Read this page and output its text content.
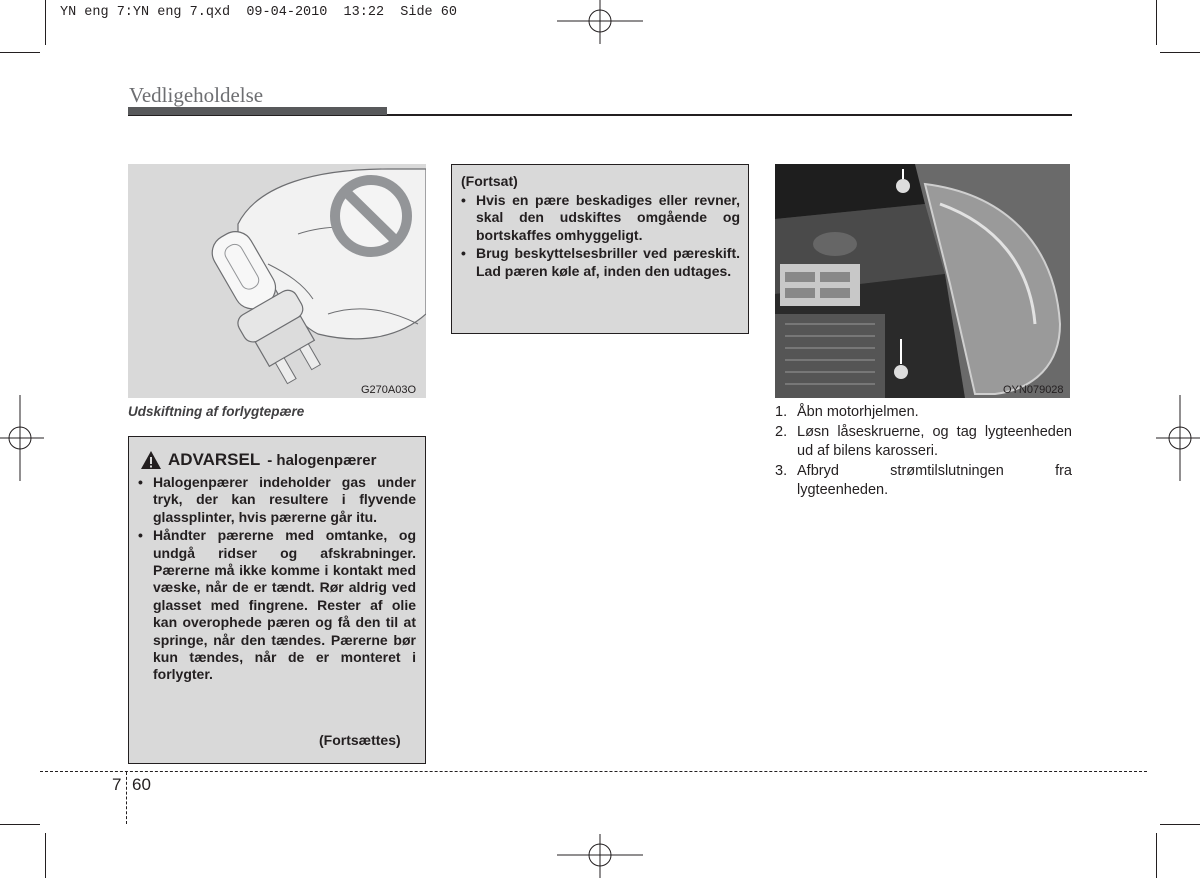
YN eng 7:YN eng 7.qxd  09-04-2010  13:22  Side 60
Vedligeholdelse
G270A03O
Udskiftning af forlygtepære
ADVARSEL - halogenpærer
• Halogenpærer indeholder gas under tryk, der kan resultere i flyvende glassplinter, hvis pærerne går itu.
• Håndter pærerne med omtanke, og undgå ridser og afskrabninger. Pærerne må ikke komme i kontakt med væske, når de er tændt. Rør aldrig ved glasset med fingrene. Rester af olie kan overophede pæren og få den til at springe, når den tændes. Pærerne bør kun tændes, når de er monteret i forlygter.
(Fortsættes)
(Fortsat)
• Hvis en pære beskadiges eller revner, skal den udskiftes omgående og bortskaffes omhyggeligt.
• Brug beskyttelsesbriller ved pæreskift. Lad pæren køle af, inden den udtages.
OYN079028
1. Åbn motorhjelmen.
2. Løsn låseskruerne, og tag lygteenheden ud af bilens karosseri.
3. Afbryd strømtilslutningen fra lygteenheden.
7 60
